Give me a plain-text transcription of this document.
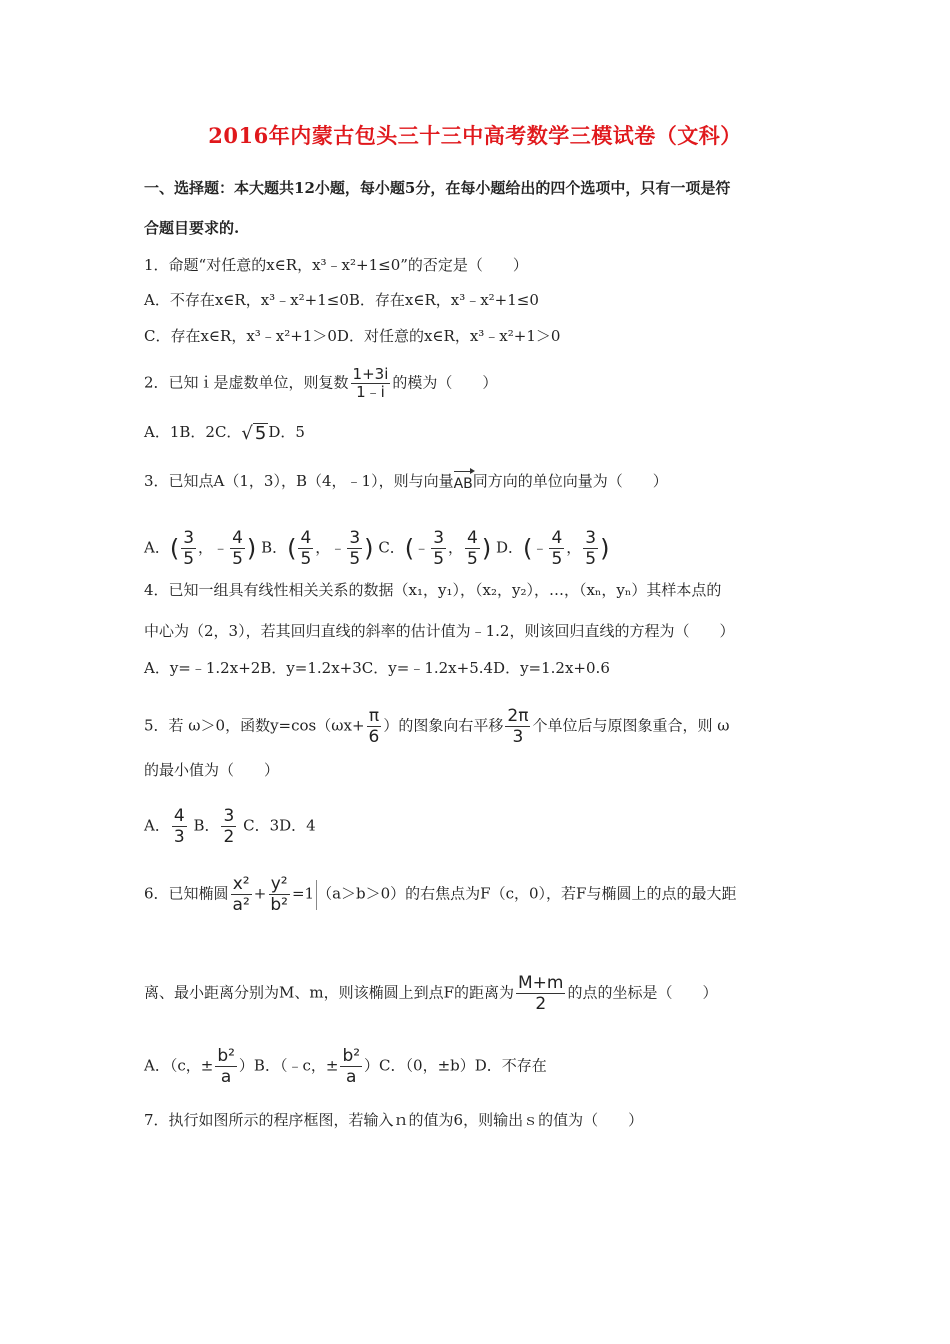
2016年内蒙古包头三十三中高考数学三模试卷（文科）
一、选择题：本大题共12小题，每小题5分，在每小题给出的四个选项中，只有一项是符
合题目要求的.
1．命题“对任意的x∈R，x³﹣x²+1≤0”的否定是（　　）
A．不存在x∈R，x³﹣x²+1≤0B．存在x∈R，x³﹣x²+1≤0
C．存在x∈R，x³﹣x²+1＞0D．对任意的x∈R，x³﹣x²+1＞0
2．已知ｉ是虚数单位，则复数 $\frac{1+3i}{1﹣i}$ 的模为（　　）
A．1B．2C．√ 5 D．5
3．已知点A（1，3），B（4，﹣1），则与向量AB同方向的单位向量为（　　）
A．( $\frac{3}{5}$ ，﹣ $\frac{4}{5}$ ) B．( $\frac{4}{5}$ ，﹣ $\frac{3}{5}$ ) C．(﹣ $\frac{3}{5}$ ， $\frac{4}{5}$ ) D．(﹣ $\frac{4}{5}$ ， $\frac{3}{5}$ )
4．已知一组具有线性相关关系的数据（x₁，y₁），（x₂，y₂），…，（xₙ，yₙ）其样本点的
中心为（2，3），若其回归直线的斜率的估计值为﹣1.2，则该回归直线的方程为（　　）
A．y=﹣1.2x+2B．y=1.2x+3C．y=﹣1.2x+5.4D．y=1.2x+0.6
5．若 ω＞0，函数$y=\cos(\omega x+ \frac{\pi}{6}$ ）的图象向右平移 $\frac{2\pi}{3}$ 个单位后与原图象重合，则 ω
的最小值为（　　）
A． $\frac{4}{3}$ B． $\frac{3}{2}$ C．3D．4
6．已知椭圆 $\frac{\text{x²}}{\text{a²}} + \frac{\text{y²}}{\text{b²}} =1$ （a＞b＞0）的右焦点为F（c，0），若F与椭圆上的点的最大距
离、最小距离分别为M、m，则该椭圆上到点F的距离为 $\frac{M+m}{2}$ 的点的坐标是（　　）
A．（c，± $\frac{\text{b²}}{a} )B$．（﹣c，± $\frac{\text{b²}}{a} )C$．（0，±b）D．不存在
7．执行如图所示的程序框图，若输入ｎ的值为6，则输出ｓ的值为（　　）
